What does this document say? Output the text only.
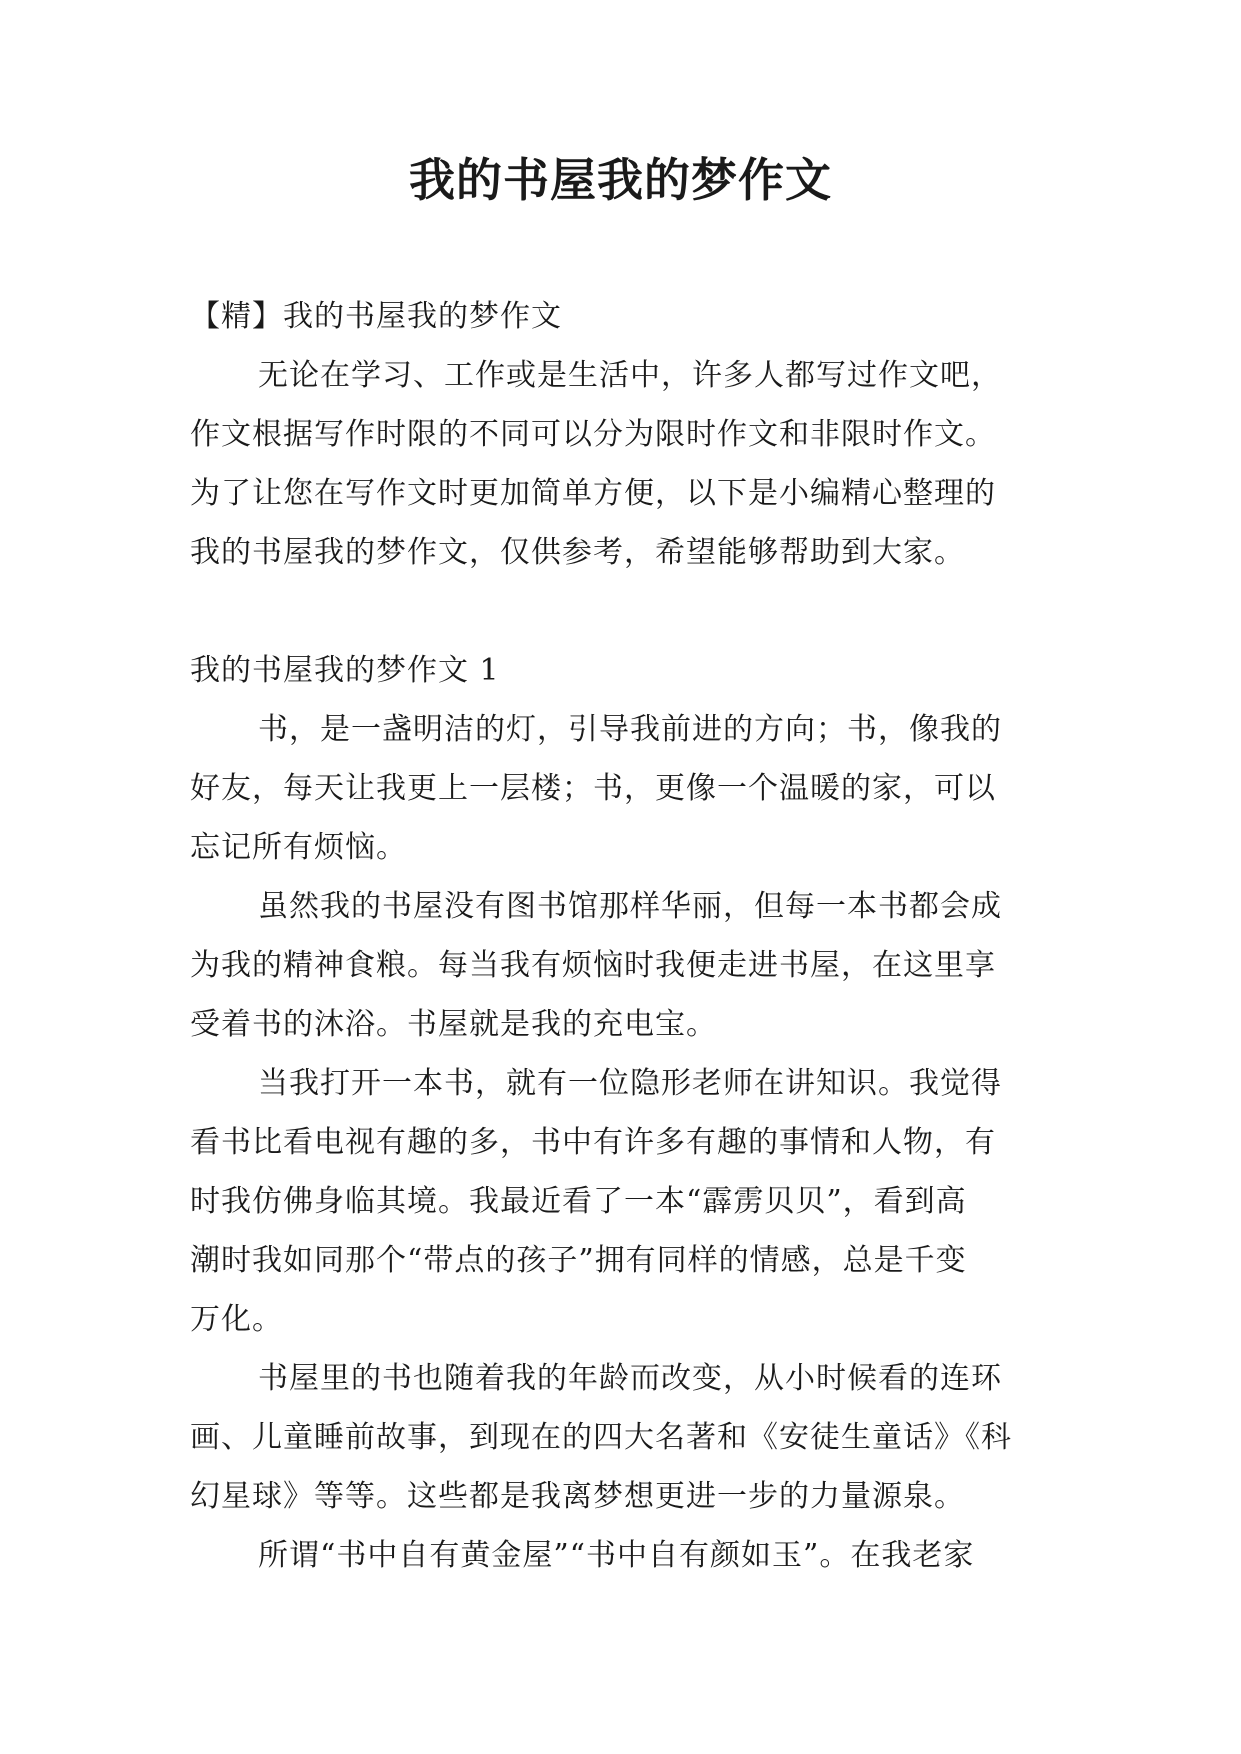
我的书屋我的梦作文
【精】我的书屋我的梦作文
无论在学习、工作或是生活中，许多人都写过作文吧，
作文根据写作时限的不同可以分为限时作文和非限时作文。
为了让您在写作文时更加简单方便，以下是小编精心整理的
我的书屋我的梦作文，仅供参考，希望能够帮助到大家。
我的书屋我的梦作文 1
书，是一盏明洁的灯，引导我前进的方向；书，像我的
好友，每天让我更上一层楼；书，更像一个温暖的家，可以
忘记所有烦恼。
虽然我的书屋没有图书馆那样华丽，但每一本书都会成
为我的精神食粮。每当我有烦恼时我便走进书屋，在这里享
受着书的沐浴。书屋就是我的充电宝。
当我打开一本书，就有一位隐形老师在讲知识。我觉得
看书比看电视有趣的多，书中有许多有趣的事情和人物，有
时我仿佛身临其境。我最近看了一本“霹雳贝贝”，看到高
潮时我如同那个“带点的孩子”拥有同样的情感，总是千变
万化。
书屋里的书也随着我的年龄而改变，从小时候看的连环
画、儿童睡前故事，到现在的四大名著和《安徒生童话》《科
幻星球》等等。这些都是我离梦想更进一步的力量源泉。
所谓“书中自有黄金屋”“书中自有颜如玉”。在我老家
